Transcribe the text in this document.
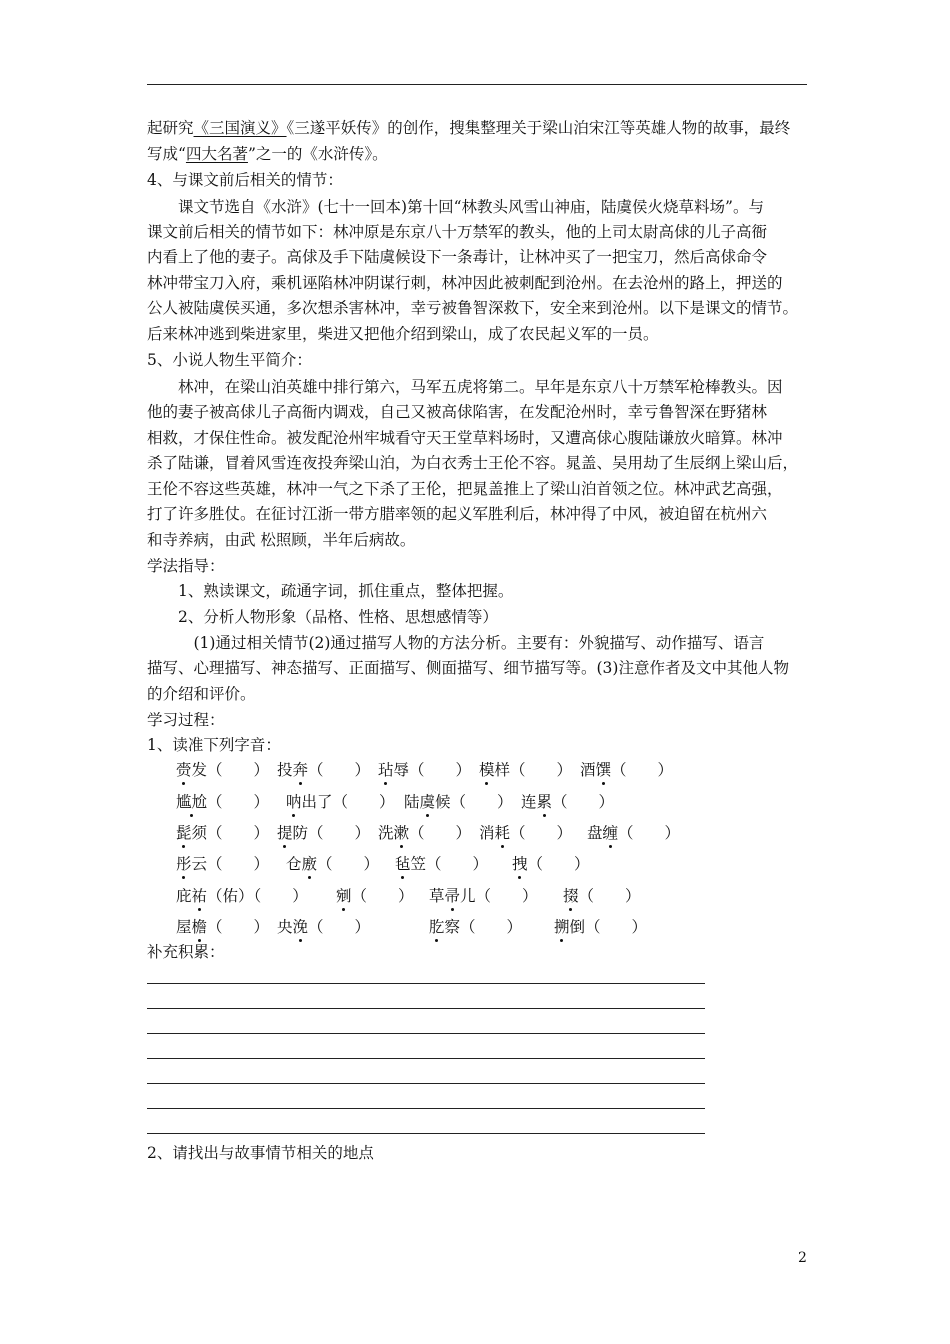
起研究《三国演义》《三遂平妖传》的创作，搜集整理关于梁山泊宋江等英雄人物的故事，最终
写成“四大名著”之一的《水浒传》。
4、与课文前后相关的情节：
　　课文节选自《水浒》(七十一回本)第十回“林教头风雪山神庙，陆虞侯火烧草料场”。与
课文前后相关的情节如下：林冲原是东京八十万禁军的教头，他的上司太尉高俅的儿子高衙
内看上了他的妻子。高俅及手下陆虞候设下一条毒计，让林冲买了一把宝刀，然后高俅命令
林冲带宝刀入府，乘机诬陷林冲阴谋行刺，林冲因此被刺配到沧州。在去沧州的路上，押送的
公人被陆虞侯买通，多次想杀害林冲，幸亏被鲁智深救下，安全来到沧州。以下是课文的情节。
后来林冲逃到柴进家里，柴进又把他介绍到梁山，成了农民起义军的一员。
5、小说人物生平简介：
　　林冲，在梁山泊英雄中排行第六，马军五虎将第二。早年是东京八十万禁军枪棒教头。因
他的妻子被高俅儿子高衙内调戏，自己又被高俅陷害，在发配沧州时，幸亏鲁智深在野猪林
相救，才保住性命。被发配沧州牢城看守天王堂草料场时，又遭高俅心腹陆谦放火暗算。林冲
杀了陆谦，冒着风雪连夜投奔梁山泊，为白衣秀士王伦不容。晁盖、吴用劫了生辰纲上梁山后，
王伦不容这些英雄，林冲一气之下杀了王伦，把晁盖推上了梁山泊首领之位。林冲武艺高强，
打了许多胜仗。在征讨江浙一带方腊率领的起义军胜利后，林冲得了中风，被迫留在杭州六
和寺养病，由武 松照顾，半年后病故。
学法指导：
　　1、熟读课文，疏通字词，抓住重点，整体把握。
　　2、分析人物形象（品格、性格、思想感情等）
　　　(1)通过相关情节(2)通过描写人物的方法分析。主要有：外貌描写、动作描写、语言
描写、心理描写、神态描写、正面描写、侧面描写、细节描写等。(3)注意作者及文中其他人物
的介绍和评价。
学习过程：
1、读准下列字音：
赍发（　　） 投奔（　　） 玷辱（　　） 模样（　　） 酒馔（　　）
尴尬（　　） 呐出了（　　） 陆虞候（　　） 连累（　　）
髭须（　　） 提防（　　） 洗漱（　　） 消耗（　　） 盘缠（　　）
彤云（　　） 仓廒（　　） 毡笠（　　） 拽（　　）
庇祐（佑）（　　） 剜（　　） 草帚儿（　　） 掇（　　）
屋檐（　　） 央浼（　　）	肐察（　　） 搠倒（　　）
补充积累：
2、请找出与故事情节相关的地点
2
